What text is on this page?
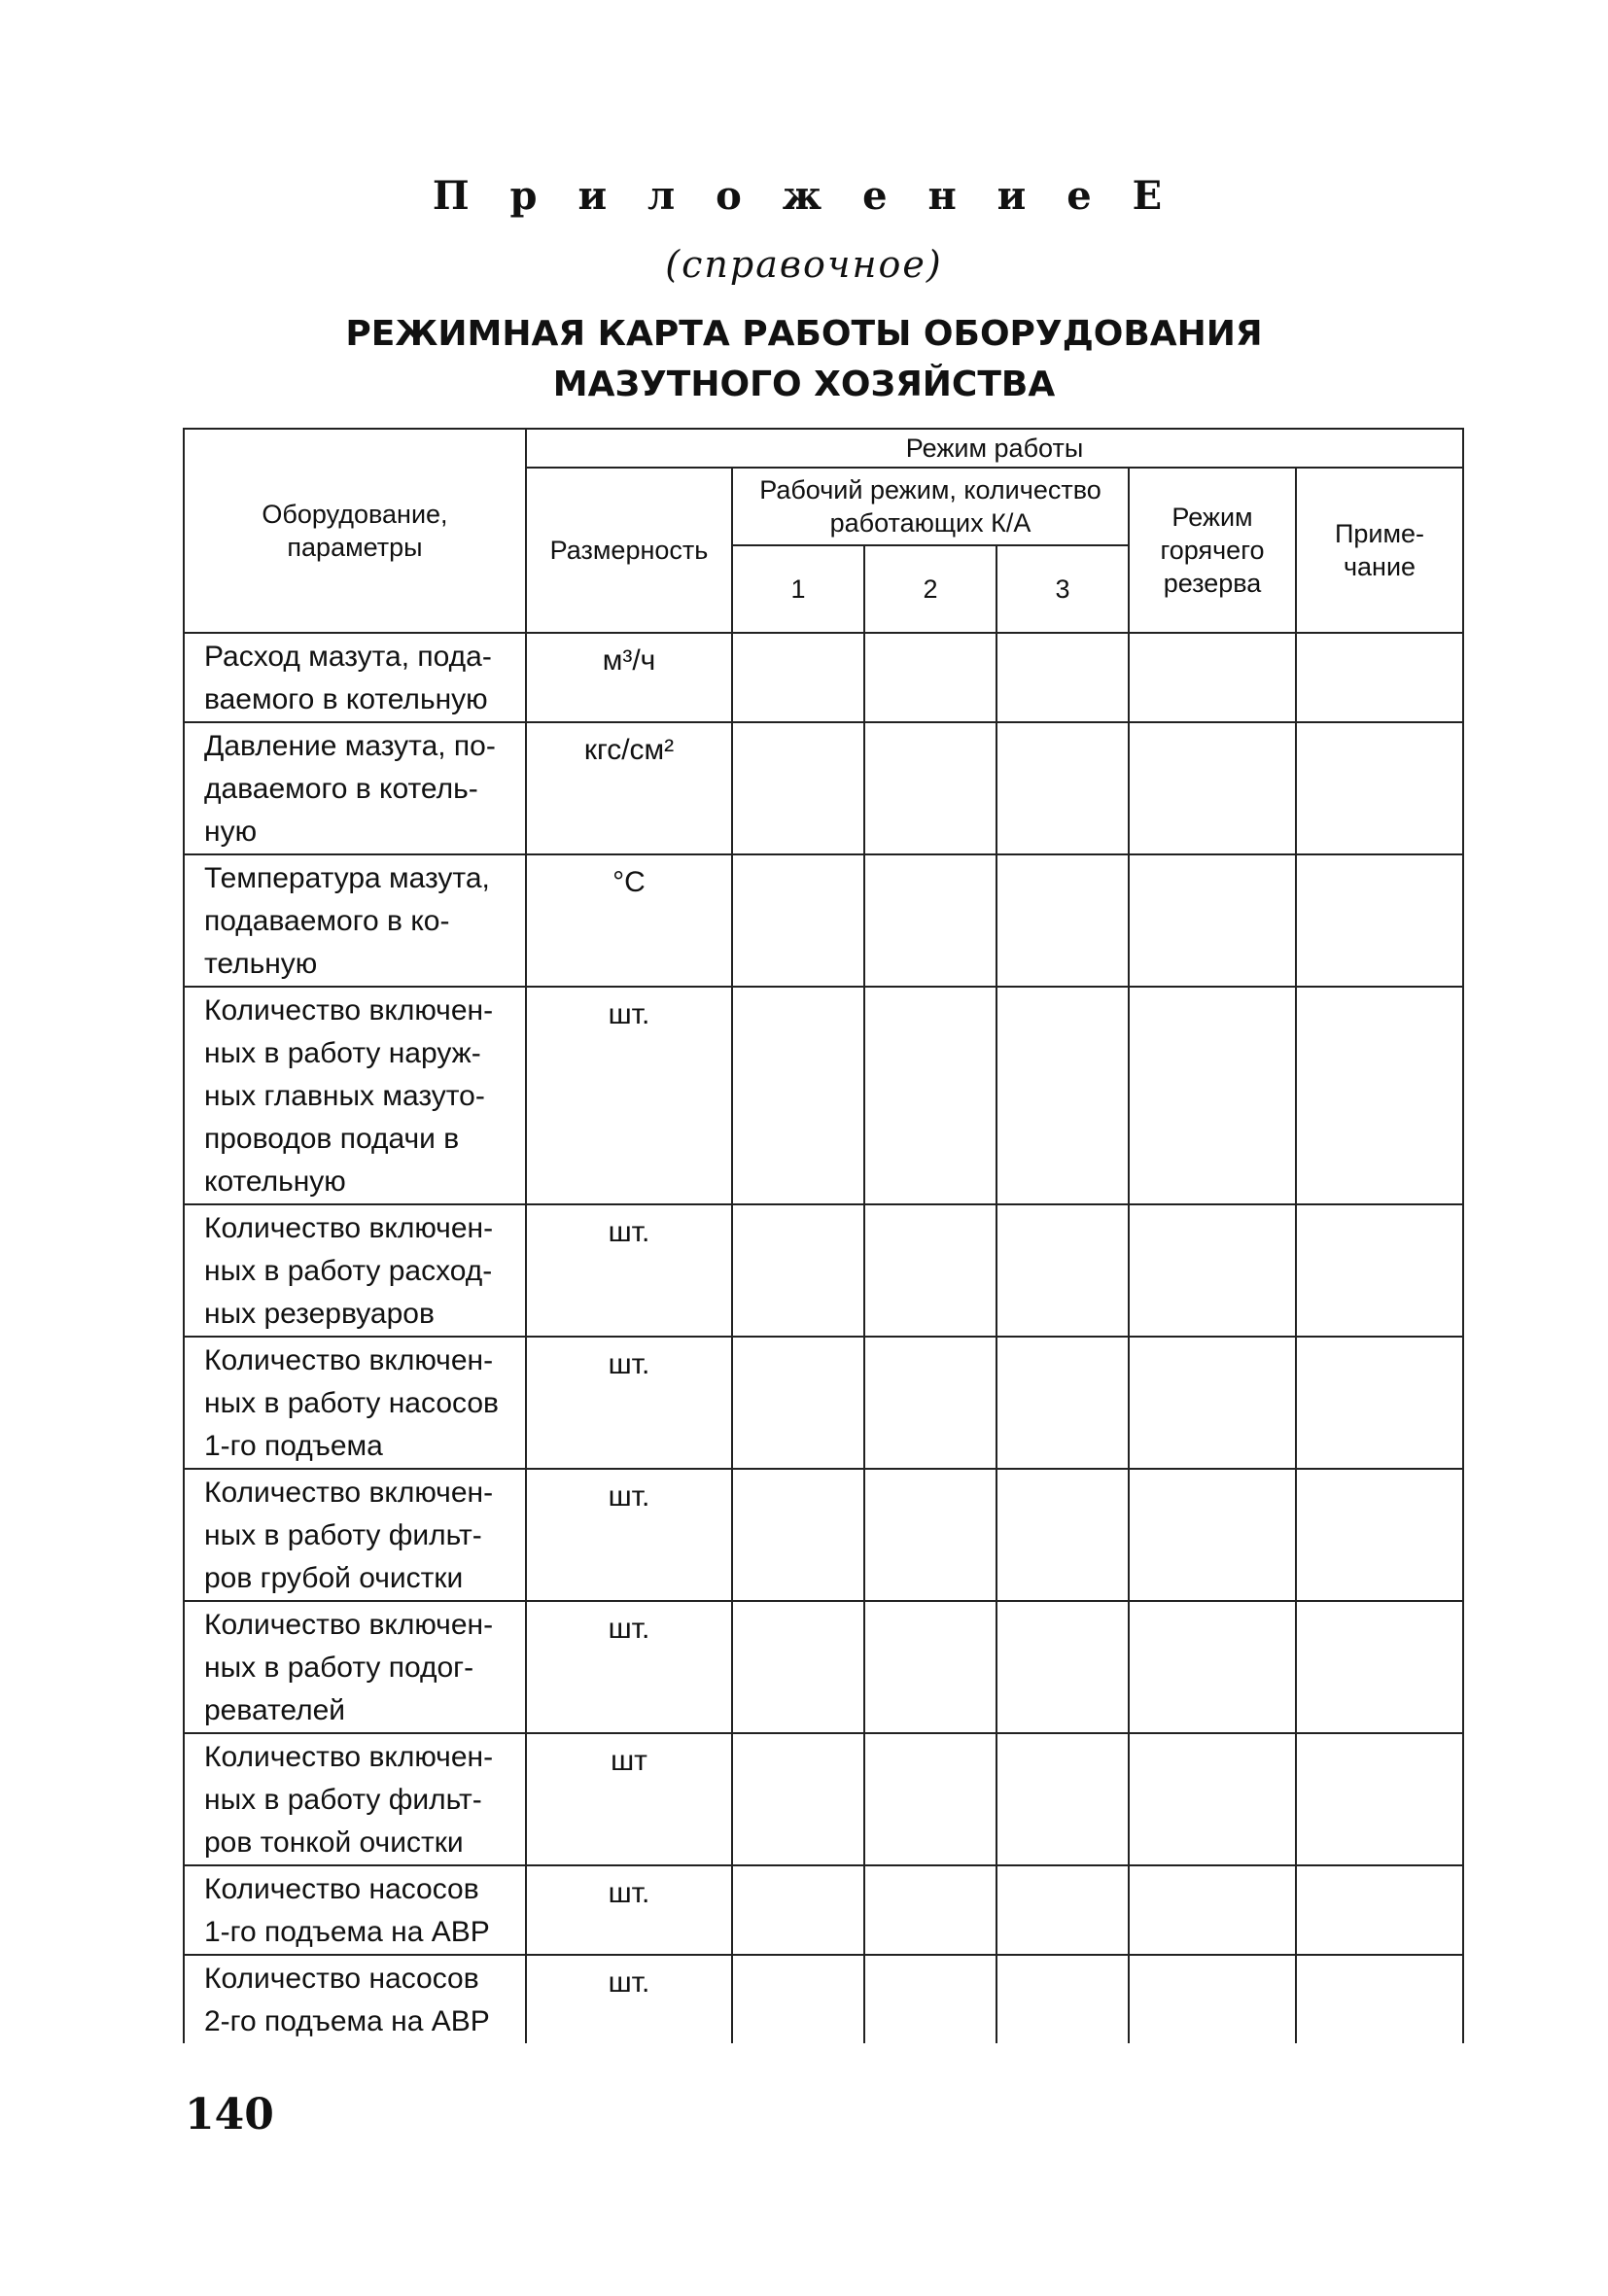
П р и л о ж е н и е Е

(справочное)

РЕЖИМНАЯ КАРТА РАБОТЫ ОБОРУДОВАНИЯ
МАЗУТНОГО ХОЗЯЙСТВА
Оборудование, параметры	Режим работы					
	Размерность	Рабочий режим, количество работающих К/А			Режим горячего резерва	Приме- чание
		1	2	3		
Расход мазута, пода-
ваемого в котельную	м³/ч					
Давление мазута, по-
даваемого в котель-
ную	кгс/см²					
Температура мазута,
подаваемого в ко-
тельную	°С					
Количество включен-
ных в работу наруж-
ных главных мазуто-
проводов подачи в
котельную	шт.					
Количество включен-
ных в работу расход-
ных резервуаров	шт.					
Количество включен-
ных в работу насосов
1-го подъема	шт.					
Количество включен-
ных в работу фильт-
ров грубой очистки	шт.					
Количество включен-
ных в работу подог-
ревателей	шт.					
Количество включен-
ных в работу фильт-
ров тонкой очистки	шт					
Количество насосов
1-го подъема на АВР	шт.					
Количество насосов
2-го подъема на АВР	шт.					

140
